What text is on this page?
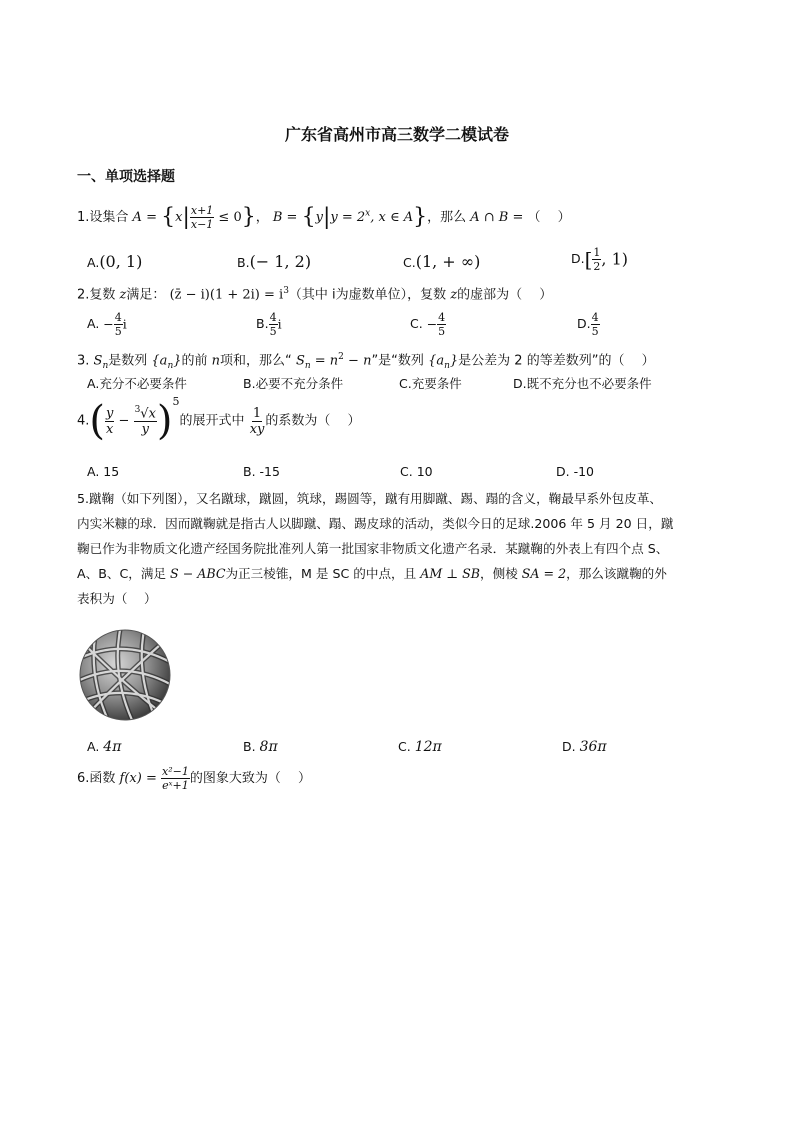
广东省高州市高三数学二模试卷
一、单项选择题
1.设集合 $A = \{x| \frac{x+1}{x-1} \le 0\}$， $B = \{y|y = 2^x$, x ∈ A}，那么 A ∩ B = （　 ）
A.(0, 1)	B.(− 1, 2)	C.(1, + ∞)	$D.[ \frac{1}{2}$ , 1)
2.复数 z满足： (z̄ − $i)(1 + 2i) = i^3$（其中 i为虚数单位），复数 z的虚部为（　 ）
A. − $\frac{4}{5}$ i	B. $\frac{4}{5}$ i	C. − $\frac{4}{5}$	D. $\frac{4}{5}$
3. $S_n$是数列 $\{a_n\}$的前 n项和，那么“ $S_n = n^2 - n$”是“数列 $\{a_n\}$是公差为 2 的等差数列”的（　 ）
A.充分不必要条件	B.必要不充分条件	C.充要条件	D.既不充分也不必要条件
$4.( \frac{y}{x} - \frac{^3√x}{y} )^5$的展开式中 $\frac{1}{xy}$ 的系数为（　 ）
A. 15	B. -15	C. 10	D. -10
5.蹴鞠（如下列图），又名蹴球，蹴圆，筑球，踢圆等，蹴有用脚蹴、踢、蹋的含义，鞠最早系外包皮革、
内实米糠的球．因而蹴鞠就是指古人以脚蹴、蹋、踢皮球的活动，类似今日的足球.2006 年 5 月 20 日，蹴
鞠已作为非物质文化遗产经国务院批准列人第一批国家非物质文化遗产名录．某蹴鞠的外表上有四个点 S、
A、B、C，满足 S − ABC为正三棱锥，M 是 SC 的中点，且 AM ⊥ SB，侧棱 SA = 2，那么该蹴鞠的外
表积为（　 ）
A. 4π	B. 8π	C. 12π	D. 36π
6.函数 $f(x) = \frac{\text{x²−1}}{\text{eˣ+1}}$ 的图象大致为（　 ）
